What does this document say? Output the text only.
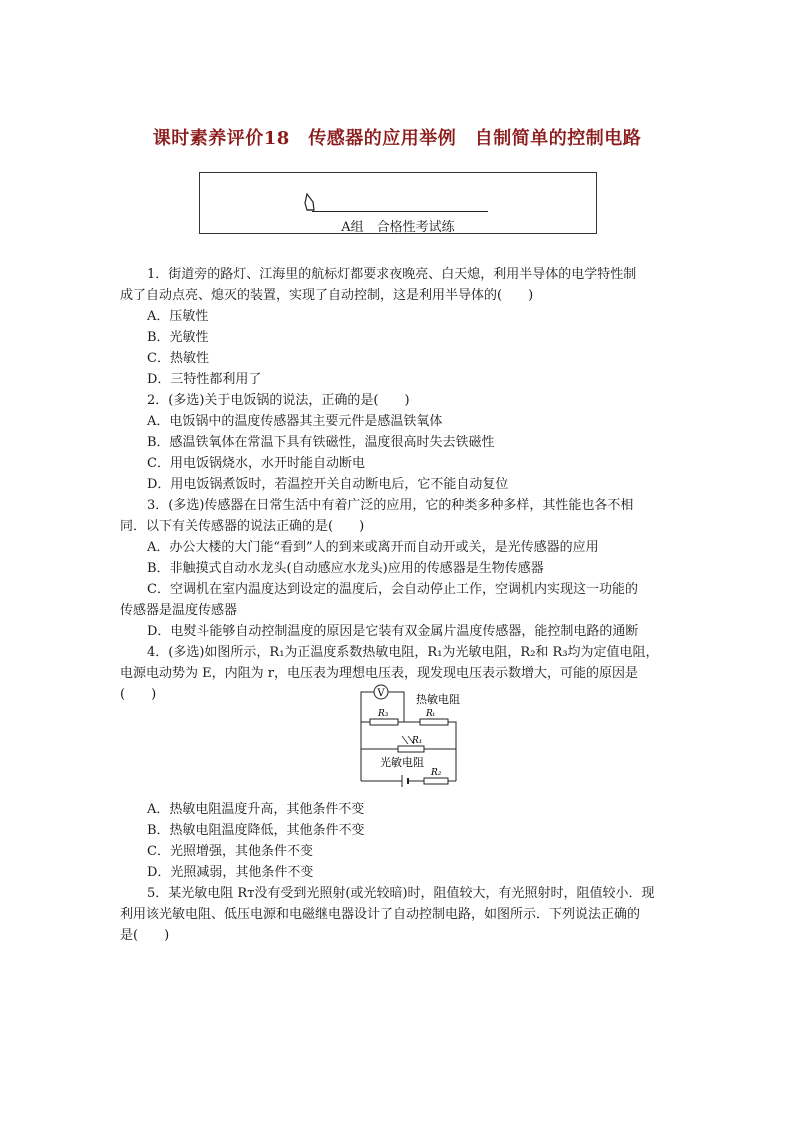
课时素养评价18　传感器的应用举例　自制简单的控制电路
A组　合格性考试练
1．街道旁的路灯、江海里的航标灯都要求夜晚亮、白天熄，利用半导体的电学特性制
成了自动点亮、熄灭的装置，实现了自动控制，这是利用半导体的(　　)
A．压敏性
B．光敏性
C．热敏性
D．三特性都利用了
2．(多选)关于电饭锅的说法，正确的是(　　)
A．电饭锅中的温度传感器其主要元件是感温铁氧体
B．感温铁氧体在常温下具有铁磁性，温度很高时失去铁磁性
C．用电饭锅烧水，水开时能自动断电
D．用电饭锅煮饭时，若温控开关自动断电后，它不能自动复位
3．(多选)传感器在日常生活中有着广泛的应用，它的种类多种多样，其性能也各不相
同．以下有关传感器的说法正确的是(　　)
A．办公大楼的大门能“看到”人的到来或离开而自动开或关，是光传感器的应用
B．非触摸式自动水龙头(自动感应水龙头)应用的传感器是生物传感器
C．空调机在室内温度达到设定的温度后，会自动停止工作，空调机内实现这一功能的
传感器是温度传感器
D．电熨斗能够自动控制温度的原因是它装有双金属片温度传感器，能控制电路的通断
4．(多选)如图所示，R₁为正温度系数热敏电阻，R₁为光敏电阻，R₂和 R₃均为定值电阻，
电源电动势为 E，内阻为 r，电压表为理想电压表，现发现电压表示数增大，可能的原因是
(　　)	V
R₃	Rₜ
R₁
R₂
热敏电阻
光敏电阻
A．热敏电阻温度升高，其他条件不变
B．热敏电阻温度降低，其他条件不变
C．光照增强，其他条件不变
D．光照减弱，其他条件不变
5．某光敏电阻 Rᴛ没有受到光照射(或光较暗)时，阻值较大，有光照射时，阻值较小．现
利用该光敏电阻、低压电源和电磁继电器设计了自动控制电路，如图所示．下列说法正确的
是(　　)
